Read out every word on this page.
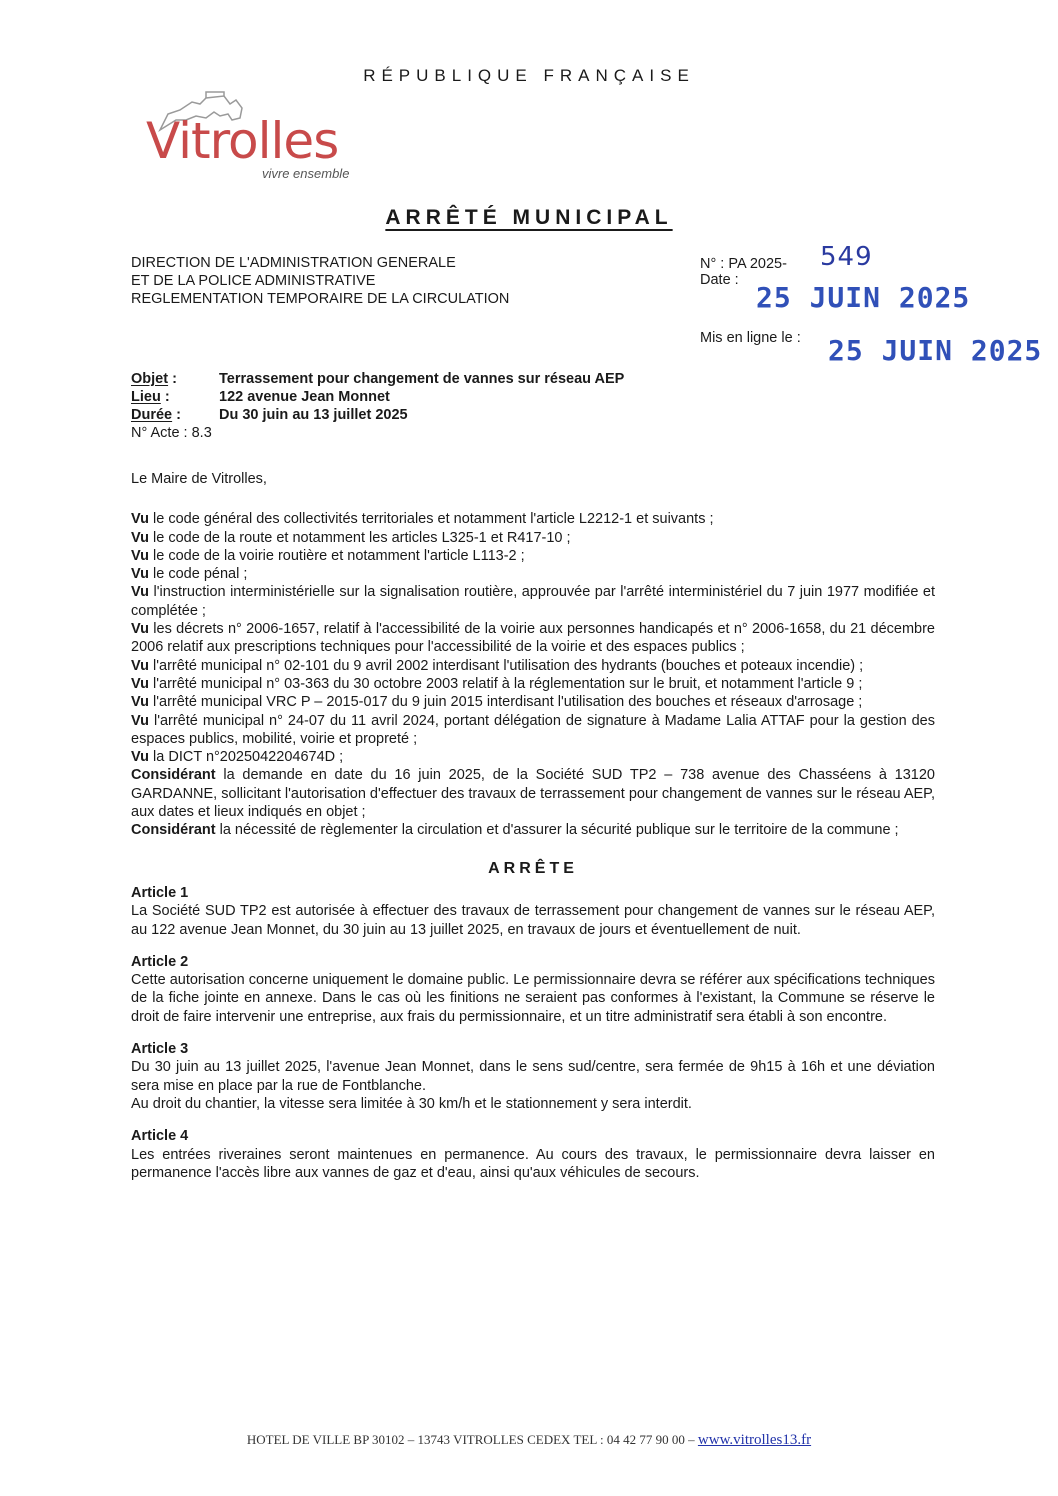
RÉPUBLIQUE FRANÇAISE
Vitrolles
vivre ensemble
ARRÊTÉ MUNICIPAL
DIRECTION DE L'ADMINISTRATION GENERALE
ET DE LA POLICE ADMINISTRATIVE
REGLEMENTATION TEMPORAIRE DE LA CIRCULATION
N° : PA 2025- 549
Date :
25 JUIN 2025
Mis en ligne le : 25 JUIN 2025
Objet :	Terrassement pour changement de vannes sur réseau AEP
Lieu :	122 avenue Jean Monnet
Durée :	Du 30 juin au 13 juillet 2025
N° Acte : 8.3

Le Maire de Vitrolles,

Vu le code général des collectivités territoriales et notamment l'article L2212-1 et suivants ;

Vu le code de la route et notamment les articles L325-1 et R417-10 ;

Vu le code de la voirie routière et notamment l'article L113-2 ;

Vu le code pénal ;

Vu l'instruction interministérielle sur la signalisation routière, approuvée par l'arrêté interministériel du 7 juin 1977 modifiée et complétée ;

Vu les décrets n° 2006-1657, relatif à l'accessibilité de la voirie aux personnes handicapés et n° 2006-1658, du 21 décembre 2006 relatif aux prescriptions techniques pour l'accessibilité de la voirie et des espaces publics ;

Vu l'arrêté municipal n° 02-101 du 9 avril 2002 interdisant l'utilisation des hydrants (bouches et poteaux incendie) ;

Vu l'arrêté municipal n° 03-363 du 30 octobre 2003 relatif à la réglementation sur le bruit, et notamment l'article 9 ;

Vu l'arrêté municipal VRC P – 2015-017 du 9 juin 2015 interdisant l'utilisation des bouches et réseaux d'arrosage ;

Vu l'arrêté municipal n° 24-07 du 11 avril 2024, portant délégation de signature à Madame Lalia ATTAF pour la gestion des espaces publics, mobilité, voirie et propreté ;

Vu la DICT n°2025042204674D ;

Considérant la demande en date du 16 juin 2025, de la Société SUD TP2 – 738 avenue des Chasséens à 13120 GARDANNE, sollicitant l'autorisation d'effectuer des travaux de terrassement pour changement de vannes sur le réseau AEP, aux dates et lieux indiqués en objet ;

Considérant la nécessité de règlementer la circulation et d'assurer la sécurité publique sur le territoire de la commune ;

ARRÊTE

Article 1

La Société SUD TP2 est autorisée à effectuer des travaux de terrassement pour changement de vannes sur le réseau AEP, au 122 avenue Jean Monnet, du 30 juin au 13 juillet 2025, en travaux de jours et éventuellement de nuit.

Article 2

Cette autorisation concerne uniquement le domaine public. Le permissionnaire devra se référer aux spécifications techniques de la fiche jointe en annexe. Dans le cas où les finitions ne seraient pas conformes à l'existant, la Commune se réserve le droit de faire intervenir une entreprise, aux frais du permissionnaire, et un titre administratif sera établi à son encontre.

Article 3

Du 30 juin au 13 juillet 2025, l'avenue Jean Monnet, dans le sens sud/centre, sera fermée de 9h15 à 16h et une déviation sera mise en place par la rue de Fontblanche.

Au droit du chantier, la vitesse sera limitée à 30 km/h et le stationnement y sera interdit.

Article 4

Les entrées riveraines seront maintenues en permanence. Au cours des travaux, le permissionnaire devra laisser en permanence l'accès libre aux vannes de gaz et d'eau, ainsi qu'aux véhicules de secours.

HOTEL DE VILLE BP 30102 – 13743 VITROLLES CEDEX TEL : 04 42 77 90 00 – www.vitrolles13.fr
